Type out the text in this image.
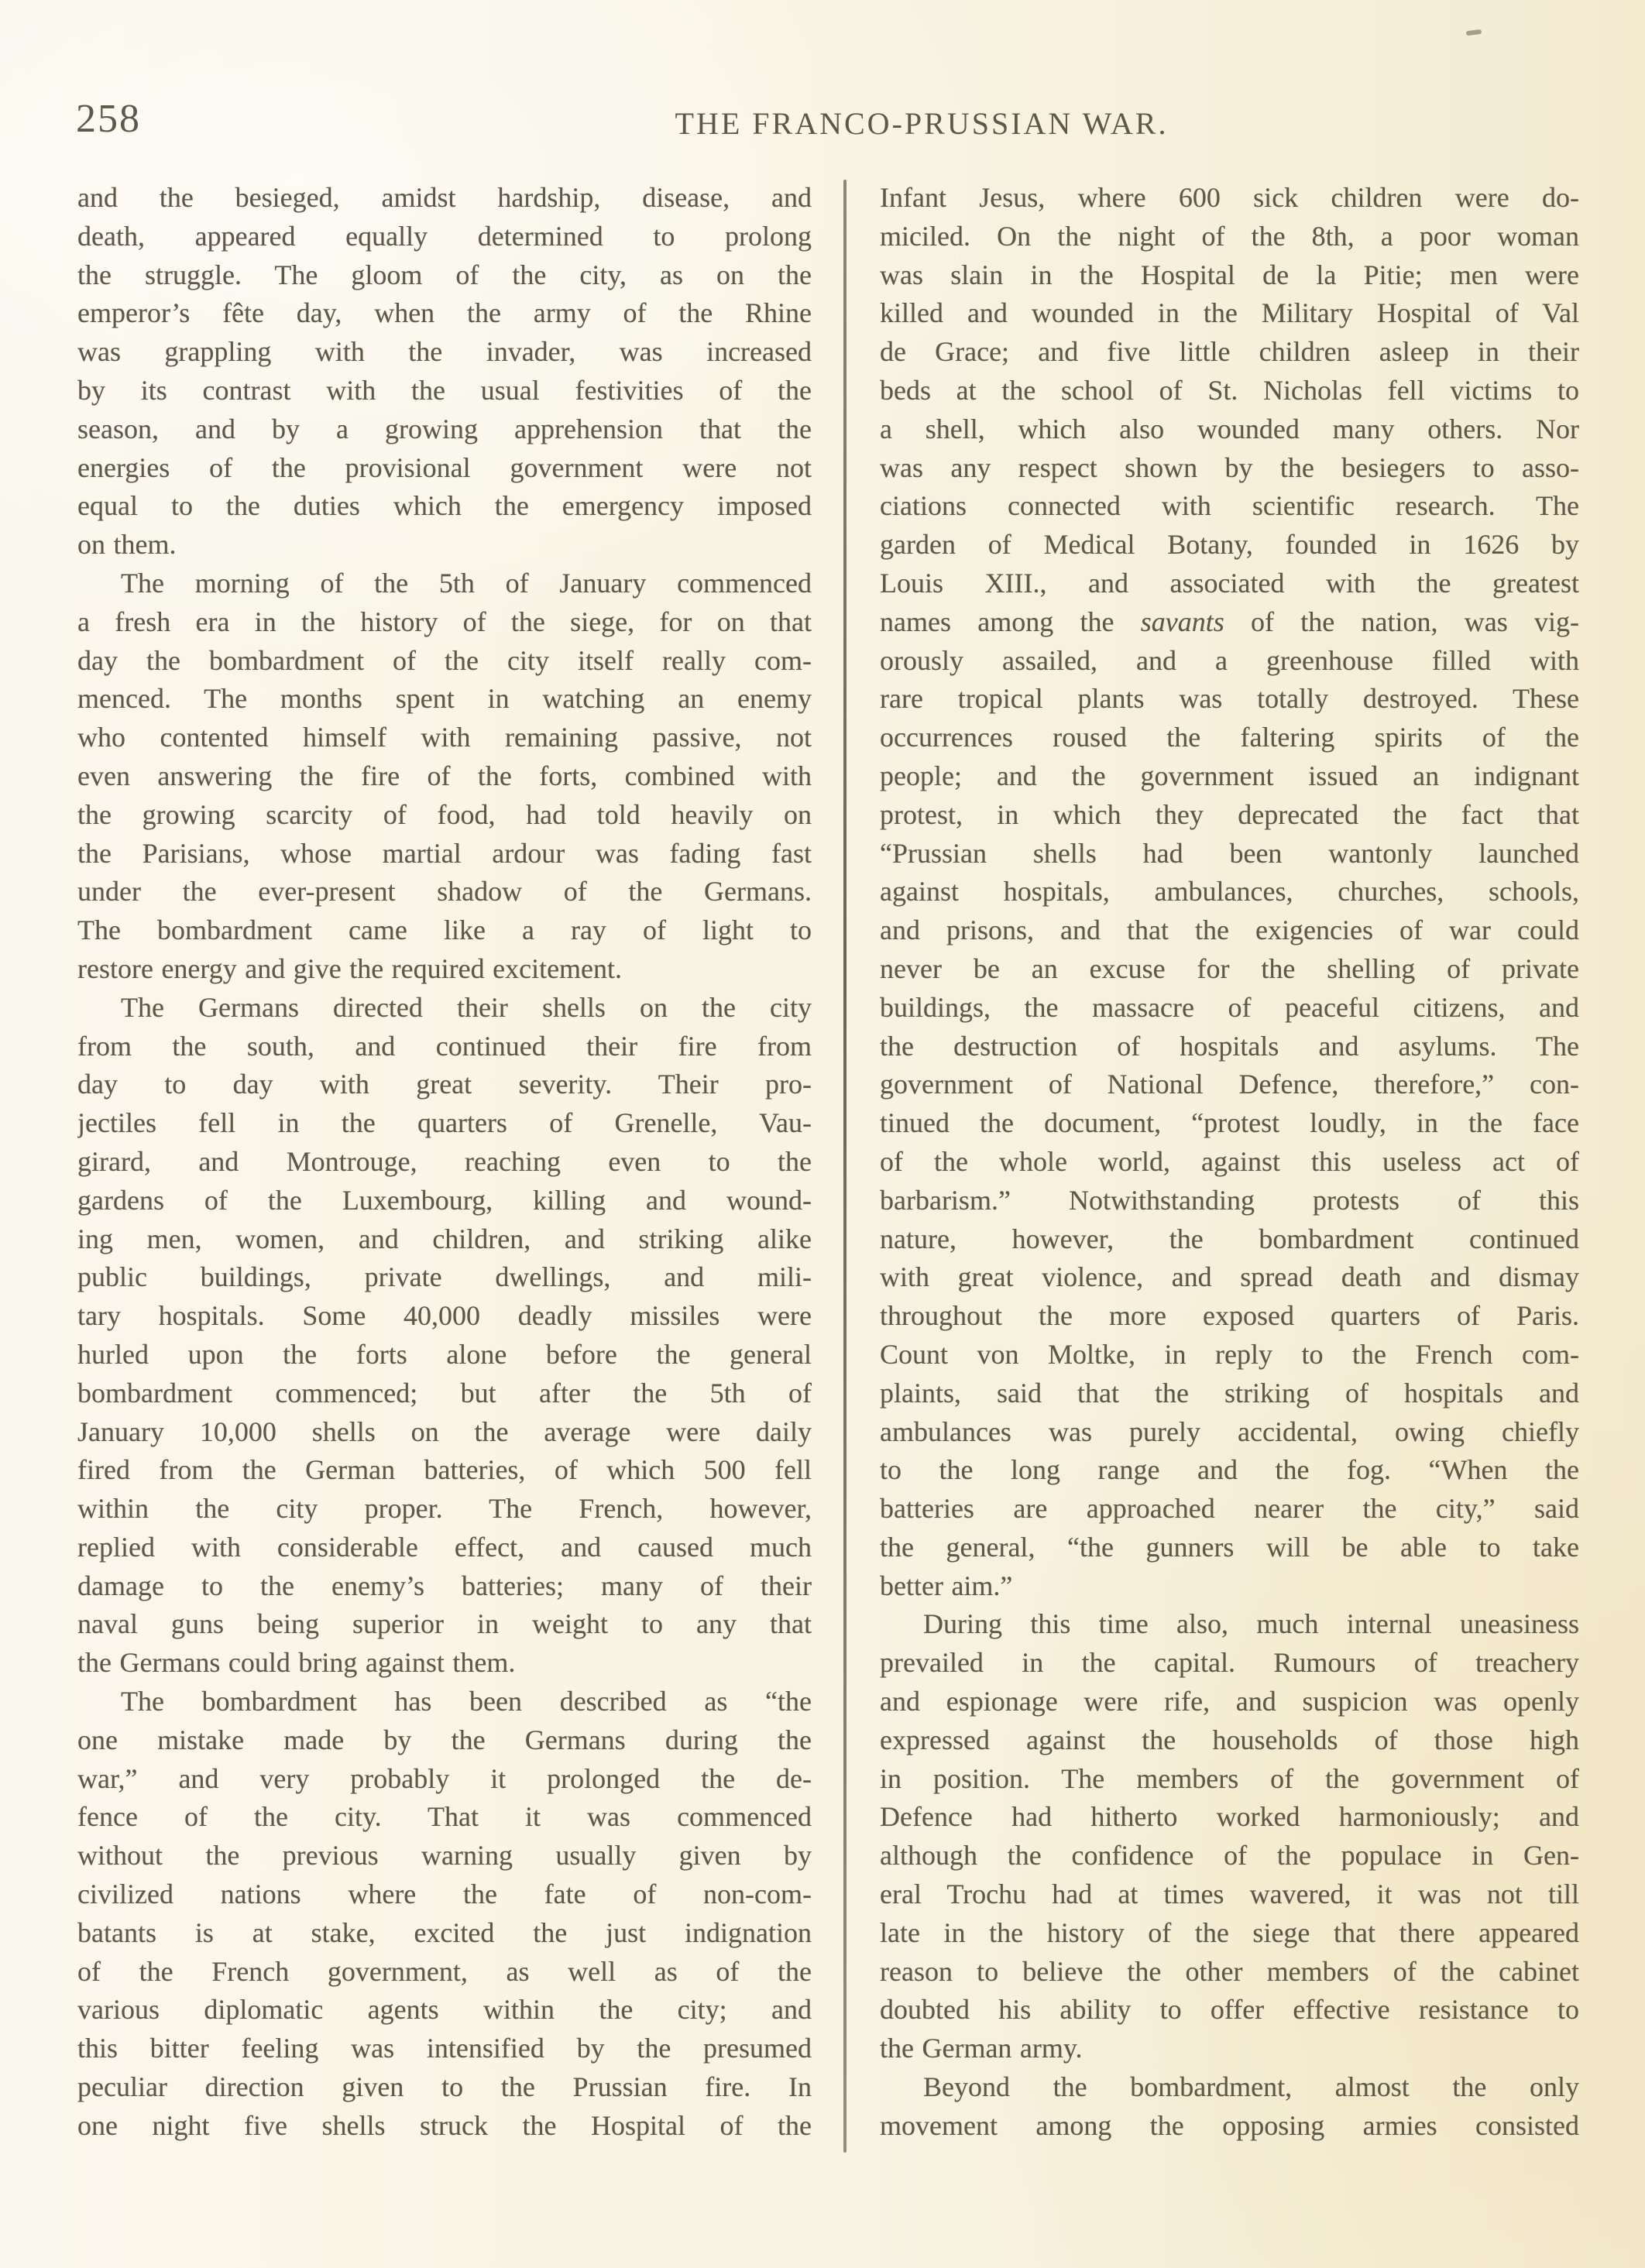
258	THE FRANCO-PRUSSIAN WAR.
and the besieged, amidst hardship, disease, and
death, appeared equally determined to prolong
the struggle. The gloom of the city, as on the
emperor’s fête day, when the army of the Rhine
was grappling with the invader, was increased
by its contrast with the usual festivities of the
season, and by a growing apprehension that the
energies of the provisional government were not
equal to the duties which the emergency imposed
on them.
The morning of the 5th of January commenced
a fresh era in the history of the siege, for on that
day the bombardment of the city itself really com-
menced. The months spent in watching an enemy
who contented himself with remaining passive, not
even answering the fire of the forts, combined with
the growing scarcity of food, had told heavily on
the Parisians, whose martial ardour was fading fast
under the ever-present shadow of the Germans.
The bombardment came like a ray of light to
restore energy and give the required excitement.
The Germans directed their shells on the city
from the south, and continued their fire from
day to day with great severity. Their pro-
jectiles fell in the quarters of Grenelle, Vau-
girard, and Montrouge, reaching even to the
gardens of the Luxembourg, killing and wound-
ing men, women, and children, and striking alike
public buildings, private dwellings, and mili-
tary hospitals. Some 40,000 deadly missiles were
hurled upon the forts alone before the general
bombardment commenced; but after the 5th of
January 10,000 shells on the average were daily
fired from the German batteries, of which 500 fell
within the city proper. The French, however,
replied with considerable effect, and caused much
damage to the enemy’s batteries; many of their
naval guns being superior in weight to any that
the Germans could bring against them.
The bombardment has been described as “the
one mistake made by the Germans during the
war,” and very probably it prolonged the de-
fence of the city. That it was commenced
without the previous warning usually given by
civilized nations where the fate of non-com-
batants is at stake, excited the just indignation
of the French government, as well as of the
various diplomatic agents within the city; and
this bitter feeling was intensified by the presumed
peculiar direction given to the Prussian fire. In
one night five shells struck the Hospital of the
Infant Jesus, where 600 sick children were do-
miciled. On the night of the 8th, a poor woman
was slain in the Hospital de la Pitie; men were
killed and wounded in the Military Hospital of Val
de Grace; and five little children asleep in their
beds at the school of St. Nicholas fell victims to
a shell, which also wounded many others. Nor
was any respect shown by the besiegers to asso-
ciations connected with scientific research. The
garden of Medical Botany, founded in 1626 by
Louis XIII., and associated with the greatest
names among the savants of the nation, was vig-
orously assailed, and a greenhouse filled with
rare tropical plants was totally destroyed. These
occurrences roused the faltering spirits of the
people; and the government issued an indignant
protest, in which they deprecated the fact that
“Prussian shells had been wantonly launched
against hospitals, ambulances, churches, schools,
and prisons, and that the exigencies of war could
never be an excuse for the shelling of private
buildings, the massacre of peaceful citizens, and
the destruction of hospitals and asylums. The
government of National Defence, therefore,” con-
tinued the document, “protest loudly, in the face
of the whole world, against this useless act of
barbarism.” Notwithstanding protests of this
nature, however, the bombardment continued
with great violence, and spread death and dismay
throughout the more exposed quarters of Paris.
Count von Moltke, in reply to the French com-
plaints, said that the striking of hospitals and
ambulances was purely accidental, owing chiefly
to the long range and the fog. “When the
batteries are approached nearer the city,” said
the general, “the gunners will be able to take
better aim.”
During this time also, much internal uneasiness
prevailed in the capital. Rumours of treachery
and espionage were rife, and suspicion was openly
expressed against the households of those high
in position. The members of the government of
Defence had hitherto worked harmoniously; and
although the confidence of the populace in Gen-
eral Trochu had at times wavered, it was not till
late in the history of the siege that there appeared
reason to believe the other members of the cabinet
doubted his ability to offer effective resistance to
the German army.
Beyond the bombardment, almost the only
movement among the opposing armies consisted
